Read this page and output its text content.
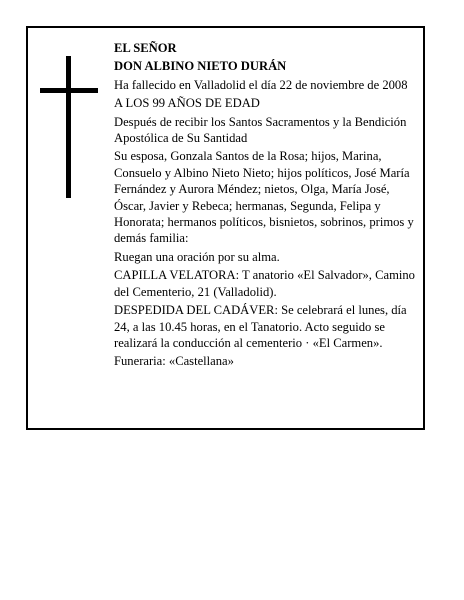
EL SEÑOR

DON ALBINO NIETO DURÁN

Ha fallecido en Valladolid el día 22 de noviembre de 2008

A LOS 99 AÑOS DE EDAD

Después de recibir los Santos Sacramentos y la Bendición Apostólica de Su Santidad

Su esposa, Gonzala Santos de la Rosa; hijos, Marina, Consuelo y Albino Nieto Nieto; hijos políticos, José María Fernández y Aurora Méndez; nietos, Olga, María José, Óscar, Javier y Rebeca; hermanas, Segunda, Felipa y Honorata; hermanos políticos, bisnietos, sobrinos, primos y demás familia:

Ruegan una oración por su alma.

CAPILLA VELATORA: T anatorio «El Salvador», Camino del Cementerio, 21 (Valladolid).

DESPEDIDA DEL CADÁVER: Se celebrará el lunes, día 24, a las 10.45 horas, en el Tanatorio. Acto seguido se realizará la conducción al cementerio · «El Carmen».

Funeraria: «Castellana»
